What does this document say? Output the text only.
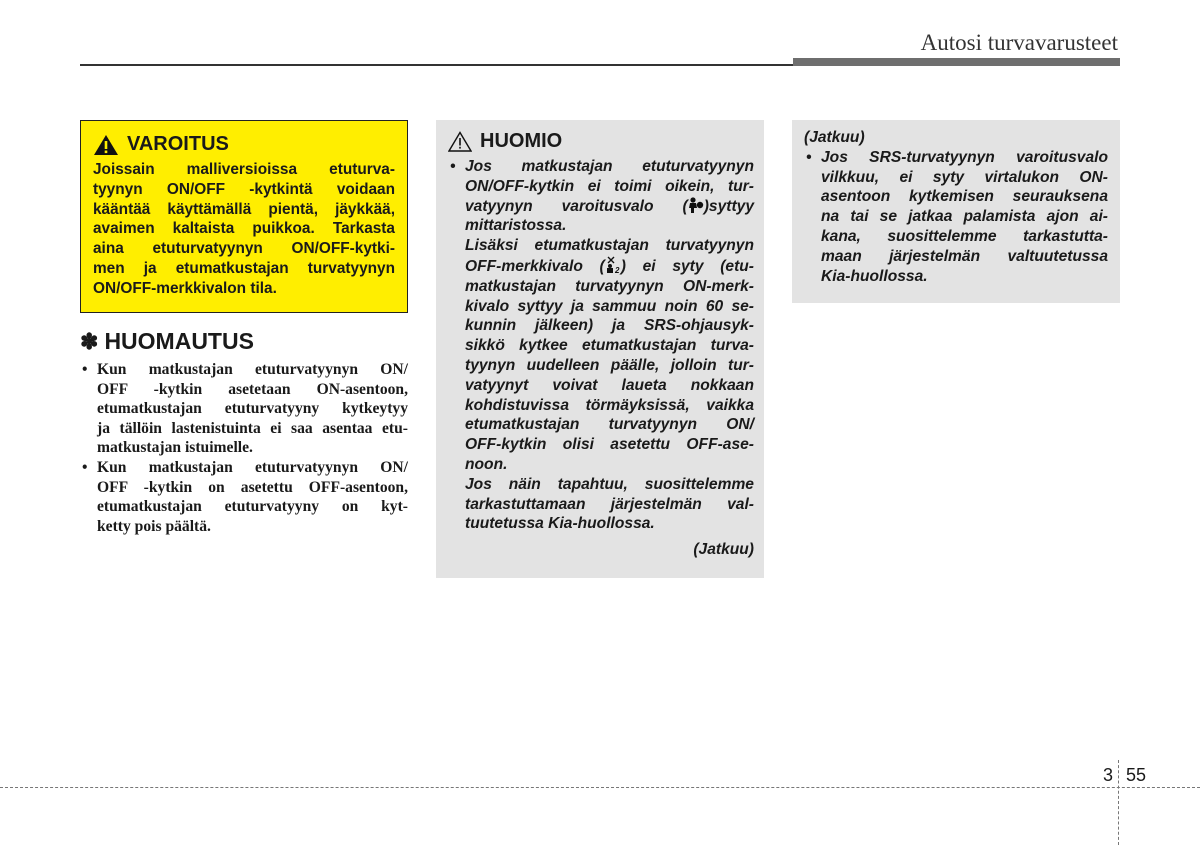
Autosi turvavarusteet
VAROITUS
Joissain malliversioissa etuturva-
tyynyn ON/OFF -kytkintä voidaan
kääntää käyttämällä pientä, jäykkää,
avaimen kaltaista puikkoa. Tarkasta
aina etuturvatyynyn ON/OFF-kytki-
men ja etumatkustajan turvatyynyn
ON/OFF-merkkivalon tila.
✽ HUOMAUTUS
• Kun matkustajan etuturvatyynyn ON/
OFF -kytkin asetetaan ON-asentoon,
etumatkustajan etuturvatyyny kytkeytyy
ja tällöin lastenistuinta ei saa asentaa etu-
matkustajan istuimelle.
• Kun matkustajan etuturvatyynyn ON/
OFF -kytkin on asetettu OFF-asentoon,
etumatkustajan etuturvatyyny on kyt-
ketty pois päältä.
HUOMIO
• Jos matkustajan etuturvatyynyn
ON/OFF-kytkin ei toimi oikein, tur-
vatyynyn varoitusvalo ( )syttyy
mittaristossa.
Lisäksi etumatkustajan turvatyynyn
OFF-merkkivalo ( 2 ) ei syty (etu-
matkustajan turvatyynyn ON-merk-
kivalo syttyy ja sammuu noin 60 se-
kunnin jälkeen) ja SRS-ohjausyk-
sikkö kytkee etumatkustajan turva-
tyynyn uudelleen päälle, jolloin tur-
vatyynyt voivat laueta nokkaan
kohdistuvissa törmäyksissä, vaikka
etumatkustajan turvatyynyn ON/
OFF-kytkin olisi asetettu OFF-ase-
noon.
Jos näin tapahtuu, suosittelemme
tarkastuttamaan järjestelmän val-
tuutetussa Kia-huollossa.
(Jatkuu)
(Jatkuu)
• Jos SRS-turvatyynyn varoitusvalo
vilkkuu, ei syty virtalukon ON-
asentoon kytkemisen seurauksena
na tai se jatkaa palamista ajon ai-
kana, suosittelemme tarkastutta-
maan järjestelmän valtuutetussa
Kia-huollossa.
3 55
